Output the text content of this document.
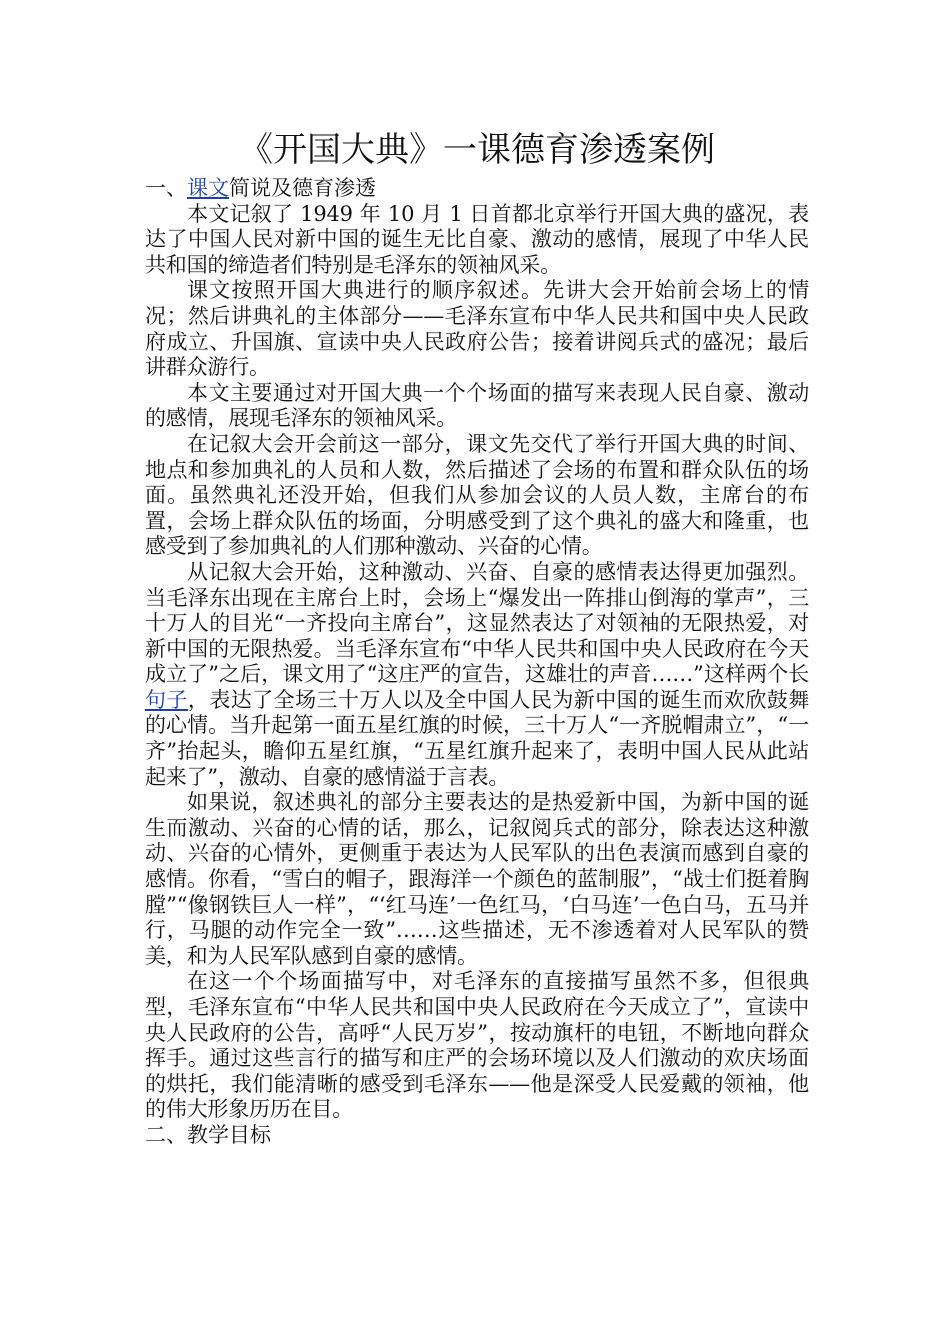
《开国大典》一课德育渗透案例

一、课文简说及德育渗透

本文记叙了 1949 年 10 月 1 日首都北京举行开国大典的盛况，表达了中国人民对新中国的诞生无比自豪、激动的感情，展现了中华人民共和国的缔造者们特别是毛泽东的领袖风采。

课文按照开国大典进行的顺序叙述。先讲大会开始前会场上的情况；然后讲典礼的主体部分——毛泽东宣布中华人民共和国中央人民政府成立、升国旗、宣读中央人民政府公告；接着讲阅兵式的盛况；最后讲群众游行。

本文主要通过对开国大典一个个场面的描写来表现人民自豪、激动的感情，展现毛泽东的领袖风采。

在记叙大会开会前这一部分，课文先交代了举行开国大典的时间、地点和参加典礼的人员和人数，然后描述了会场的布置和群众队伍的场面。虽然典礼还没开始，但我们从参加会议的人员人数，主席台的布置，会场上群众队伍的场面，分明感受到了这个典礼的盛大和隆重，也感受到了参加典礼的人们那种激动、兴奋的心情。

从记叙大会开始，这种激动、兴奋、自豪的感情表达得更加强烈。当毛泽东出现在主席台上时，会场上“爆发出一阵排山倒海的掌声”，三十万人的目光“一齐投向主席台”，这显然表达了对领袖的无限热爱，对新中国的无限热爱。当毛泽东宣布“中华人民共和国中央人民政府在今天成立了”之后，课文用了“这庄严的宣告，这雄壮的声音……”这样两个长句子，表达了全场三十万人以及全中国人民为新中国的诞生而欢欣鼓舞的心情。当升起第一面五星红旗的时候，三十万人“一齐脱帽肃立”，“一齐”抬起头，瞻仰五星红旗，“五星红旗升起来了，表明中国人民从此站起来了”，激动、自豪的感情溢于言表。

如果说，叙述典礼的部分主要表达的是热爱新中国，为新中国的诞生而激动、兴奋的心情的话，那么，记叙阅兵式的部分，除表达这种激动、兴奋的心情外，更侧重于表达为人民军队的出色表演而感到自豪的感情。你看，“雪白的帽子，跟海洋一个颜色的蓝制服”，“战士们挺着胸膛”“像钢铁巨人一样”，“‘红马连’一色红马，‘白马连’一色白马，五马并行，马腿的动作完全一致”……这些描述，无不渗透着对人民军队的赞美，和为人民军队感到自豪的感情。

在这一个个场面描写中，对毛泽东的直接描写虽然不多，但很典型，毛泽东宣布“中华人民共和国中央人民政府在今天成立了”，宣读中央人民政府的公告，高呼“人民万岁”，按动旗杆的电钮，不断地向群众挥手。通过这些言行的描写和庄严的会场环境以及人们激动的欢庆场面的烘托，我们能清晰的感受到毛泽东——他是深受人民爱戴的领袖，他的伟大形象历历在目。

二、教学目标
